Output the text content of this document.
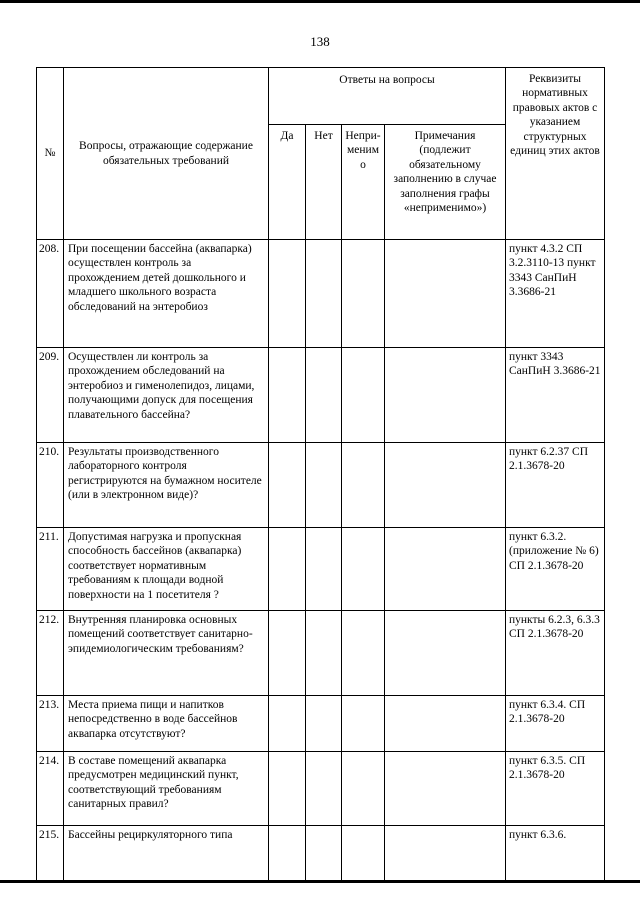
138
№	Вопросы, отражающие содержание обязательных требований	Ответы на вопросы				Реквизиты нормативных правовых актов с указанием структурных единиц этих актов
		Да	Нет	Непри-менимо	Примечания (подлежит обязательному заполнению в случае заполнения графы «неприменимо»)	
208.	При посещении бассейна (аквапарка) осуществлен контроль за прохождением детей дошкольного и младшего школьного возраста обследований на энтеробиоз					пункт 4.3.2 СП 3.2.3110-13 пункт 3343 СанПиН 3.3686-21
209.	Осуществлен ли контроль за прохождением обследований на энтеробиоз и гименолепидоз, лицами, получающими допуск для посещения плавательного бассейна?					пункт 3343 СанПиН 3.3686-21
210.	Результаты производственного лабораторного контроля регистрируются на бумажном носителе (или в электронном виде)?					пункт 6.2.37 СП 2.1.3678-20
211.	Допустимая нагрузка и пропускная способность бассейнов (аквапарка) соответствует нормативным требованиям к площади водной поверхности на 1 посетителя ?					пункт 6.3.2. (приложение № 6) СП 2.1.3678-20
212.	Внутренняя планировка основных помещений соответствует санитарно-эпидемиологическим требованиям?					пункты 6.2.3, 6.3.3 СП 2.1.3678-20
213.	Места приема пищи и напитков непосредственно в воде бассейнов аквапарка отсутствуют?					пункт 6.3.4. СП 2.1.3678-20
214.	В составе помещений аквапарка предусмотрен медицинский пункт, соответствующий требованиям санитарных правил?					пункт 6.3.5. СП 2.1.3678-20
215.	Бассейны рециркуляторного типа					пункт 6.3.6.
